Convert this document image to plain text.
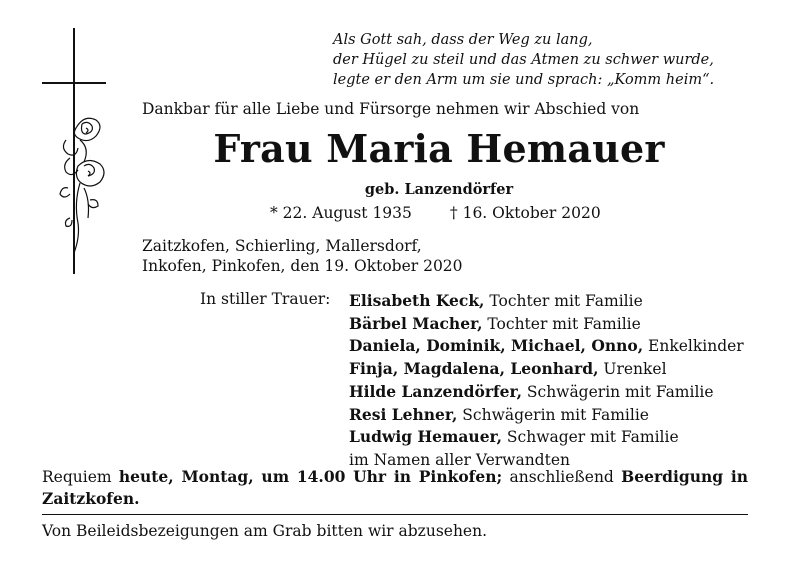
Als Gott sah, dass der Weg zu lang,
der Hügel zu steil und das Atmen zu schwer wurde,
legte er den Arm um sie und sprach: „Komm heim“.
Dankbar für alle Liebe und Fürsorge nehmen wir Abschied von
Frau Maria Hemauer
geb. Lanzendörfer
* 22. August 1935 † 16. Oktober 2020
Zaitzkofen, Schierling, Mallersdorf,
Inkofen, Pinkofen, den 19. Oktober 2020
In stiller Trauer: Elisabeth Keck, Tochter mit Familie
Bärbel Macher, Tochter mit Familie
Daniela, Dominik, Michael, Onno, Enkelkinder
Finja, Magdalena, Leonhard, Urenkel
Hilde Lanzendörfer, Schwägerin mit Familie
Resi Lehner, Schwägerin mit Familie
Ludwig Hemauer, Schwager mit Familie
im Namen aller Verwandten
Requiem heute, Montag, um 14.00 Uhr in Pinkofen; anschließend Beerdigung in Zaitzkofen.
Von Beileidsbezeigungen am Grab bitten wir abzusehen.
